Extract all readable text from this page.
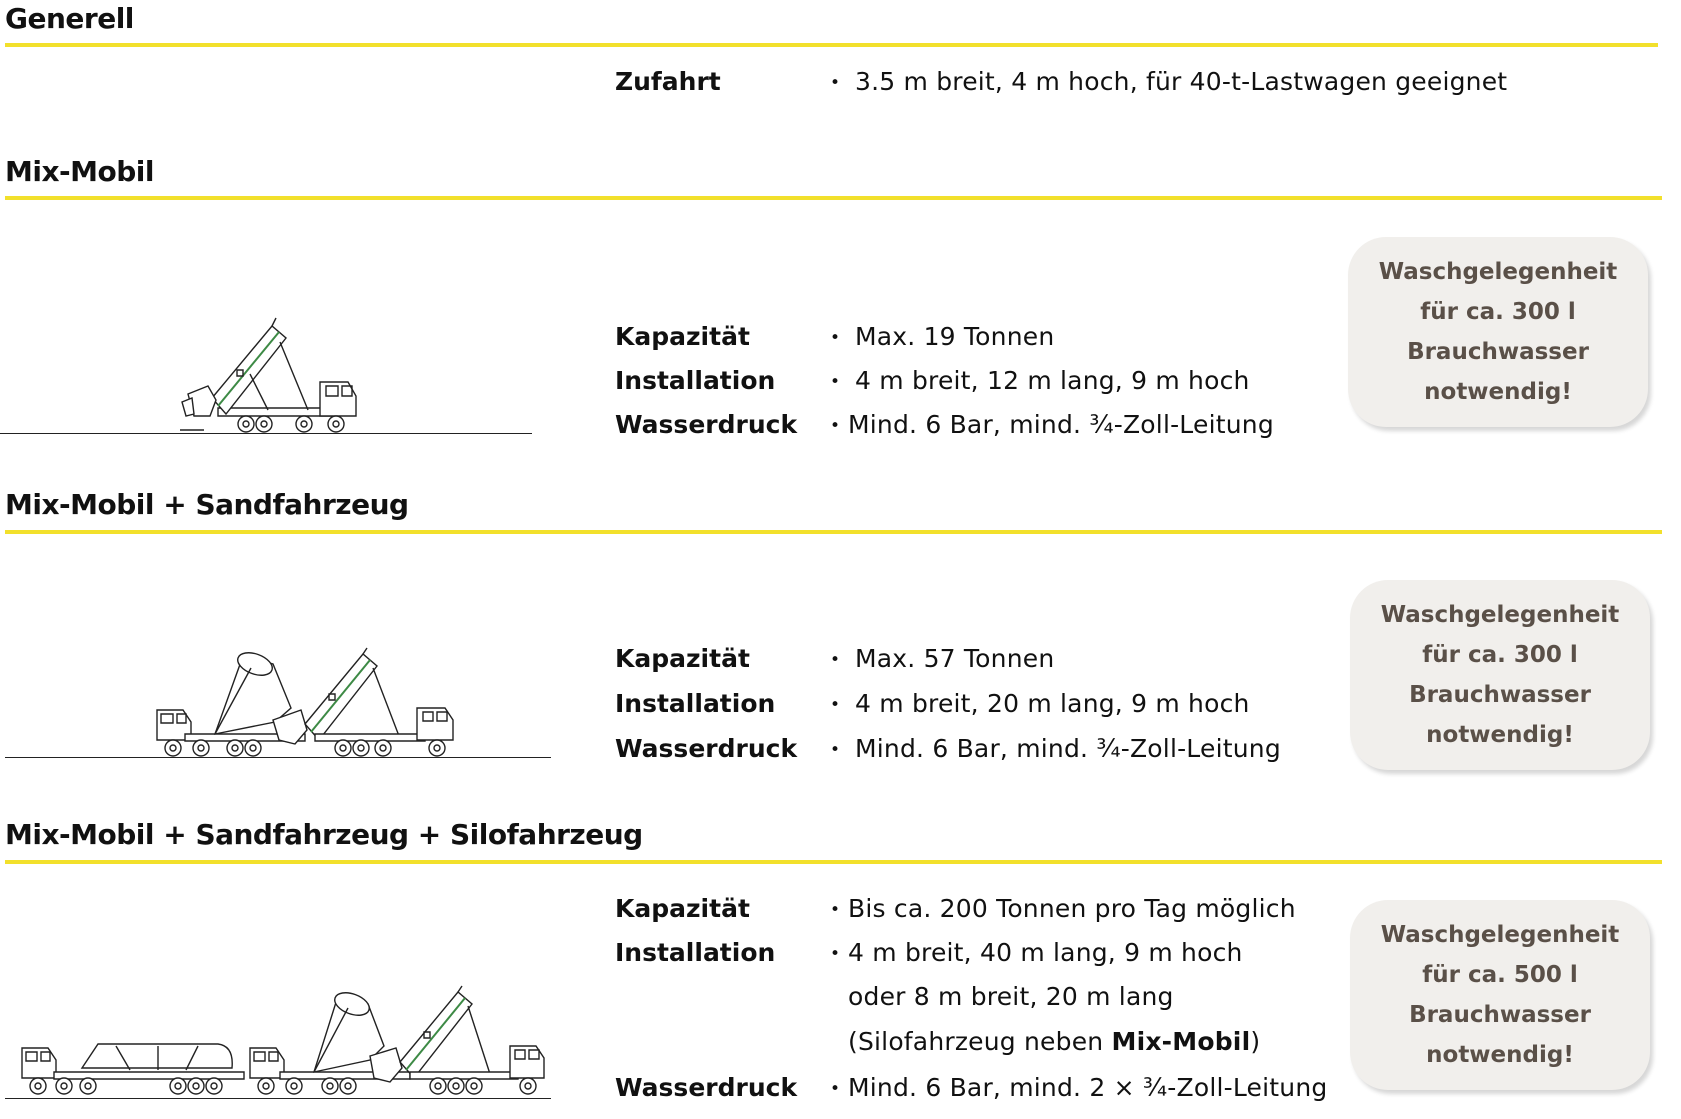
Generell
Zufahrt	• 3.5 m breit, 4 m hoch, für 40-t-Lastwagen geeignet
Mix-Mobil
Kapazität	• Max. 19 Tonnen
Installation	• 4 m breit, 12 m lang, 9 m hoch
Wasserdruck • Mind. 6 Bar, mind. ¾-Zoll-Leitung

Waschgelegenheit für ca. 300 l Brauchwasser notwendig!

Mix-Mobil + Sandfahrzeug
Kapazität	• Max. 57 Tonnen
Installation	• 4 m breit, 20 m lang, 9 m hoch
Wasserdruck • Mind. 6 Bar, mind. ¾-Zoll-Leitung

Waschgelegenheit für ca. 300 l Brauchwasser notwendig!

Mix-Mobil + Sandfahrzeug + Silofahrzeug
Kapazität	• Bis ca. 200 Tonnen pro Tag möglich
Installation	• 4 m breit, 40 m lang, 9 m hoch
oder 8 m breit, 20 m lang
(Silofahrzeug neben Mix-Mobil)
Wasserdruck • Mind. 6 Bar, mind. 2 × ¾-Zoll-Leitung

Waschgelegenheit für ca. 500 l Brauchwasser notwendig!
